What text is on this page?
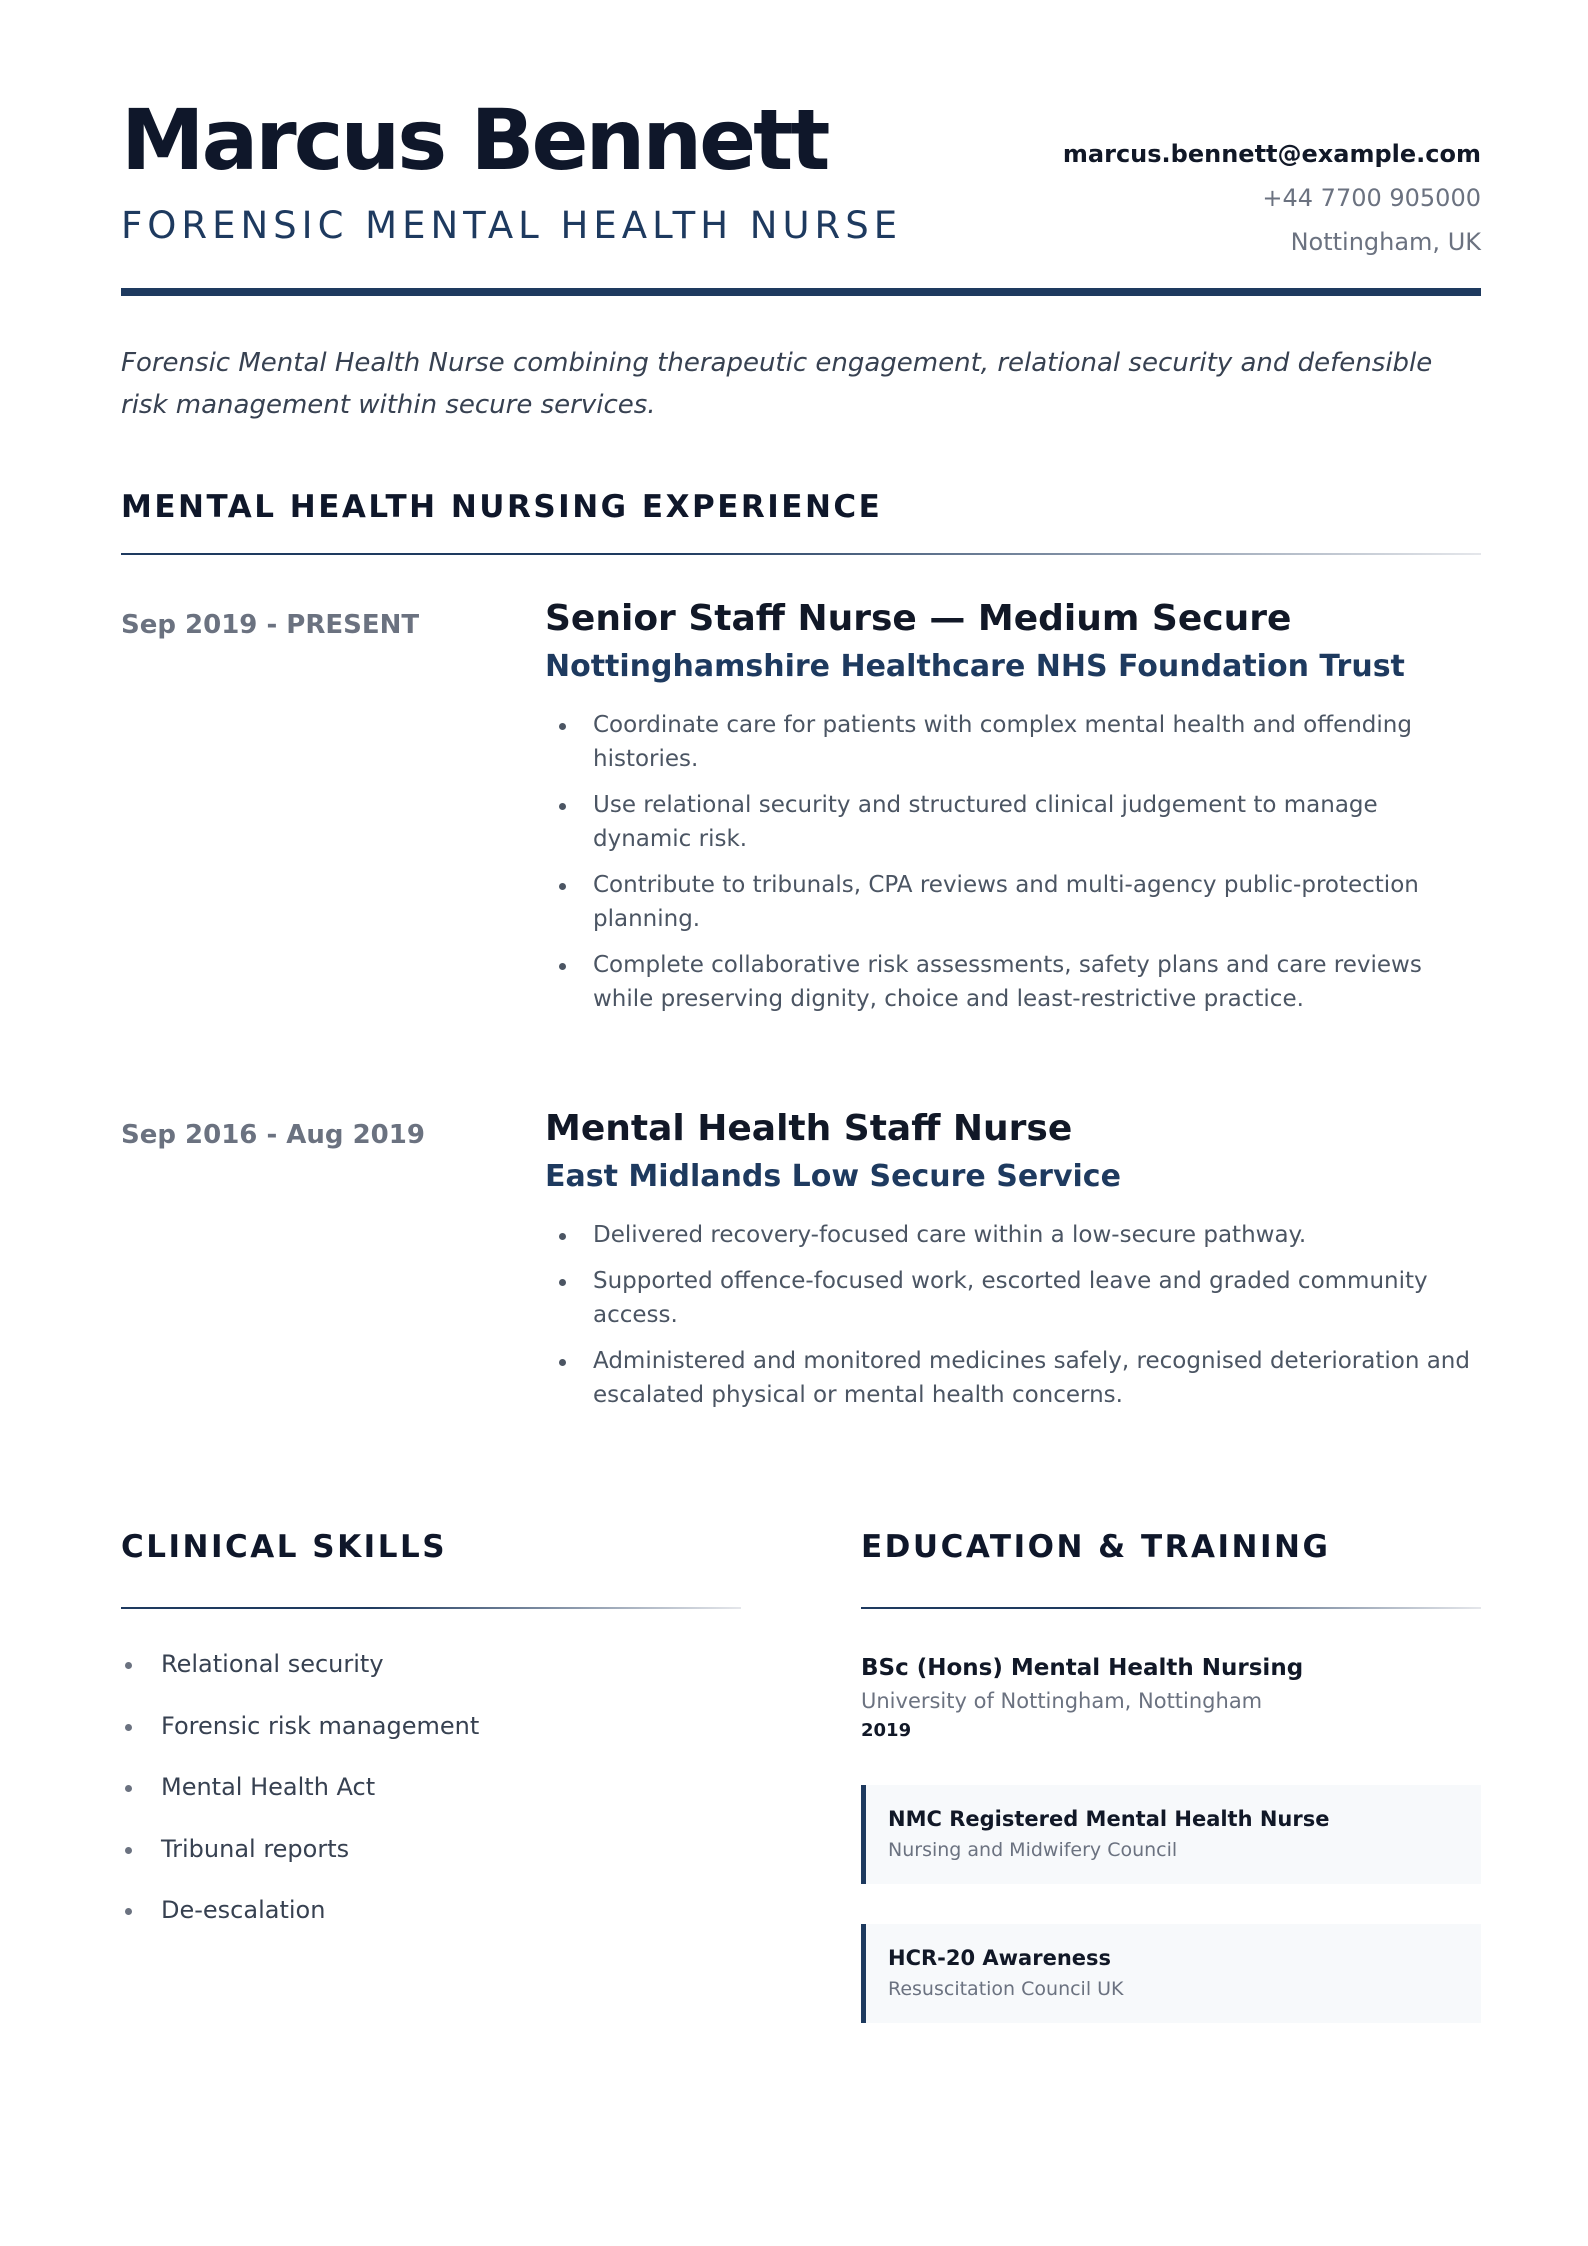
Marcus Bennett
FORENSIC MENTAL HEALTH NURSE
marcus.bennett@example.com
+44 7700 905000
Nottingham, UK

Forensic Mental Health Nurse combining therapeutic engagement, relational security and defensible risk management within secure services.

MENTAL HEALTH NURSING EXPERIENCE
Sep 2019 - PRESENT	Senior Staff Nurse — Medium Secure
Nottinghamshire Healthcare NHS Foundation Trust
Coordinate care for patients with complex mental health and offending histories.
Use relational security and structured clinical judgement to manage dynamic risk.
Contribute to tribunals, CPA reviews and multi-agency public-protection planning.
Complete collaborative risk assessments, safety plans and care reviews while preserving dignity, choice and least-restrictive practice.
Sep 2016 - Aug 2019	Mental Health Staff Nurse
East Midlands Low Secure Service
Delivered recovery-focused care within a low-secure pathway.
Supported offence-focused work, escorted leave and graded community access.
Administered and monitored medicines safely, recognised deterioration and escalated physical or mental health concerns.
CLINICAL SKILLS
Relational security
Forensic risk management
Mental Health Act
Tribunal reports
De-escalation
EDUCATION & TRAINING
BSc (Hons) Mental Health Nursing
University of Nottingham, Nottingham
2019
NMC Registered Mental Health Nurse
Nursing and Midwifery Council
HCR-20 Awareness
Resuscitation Council UK
